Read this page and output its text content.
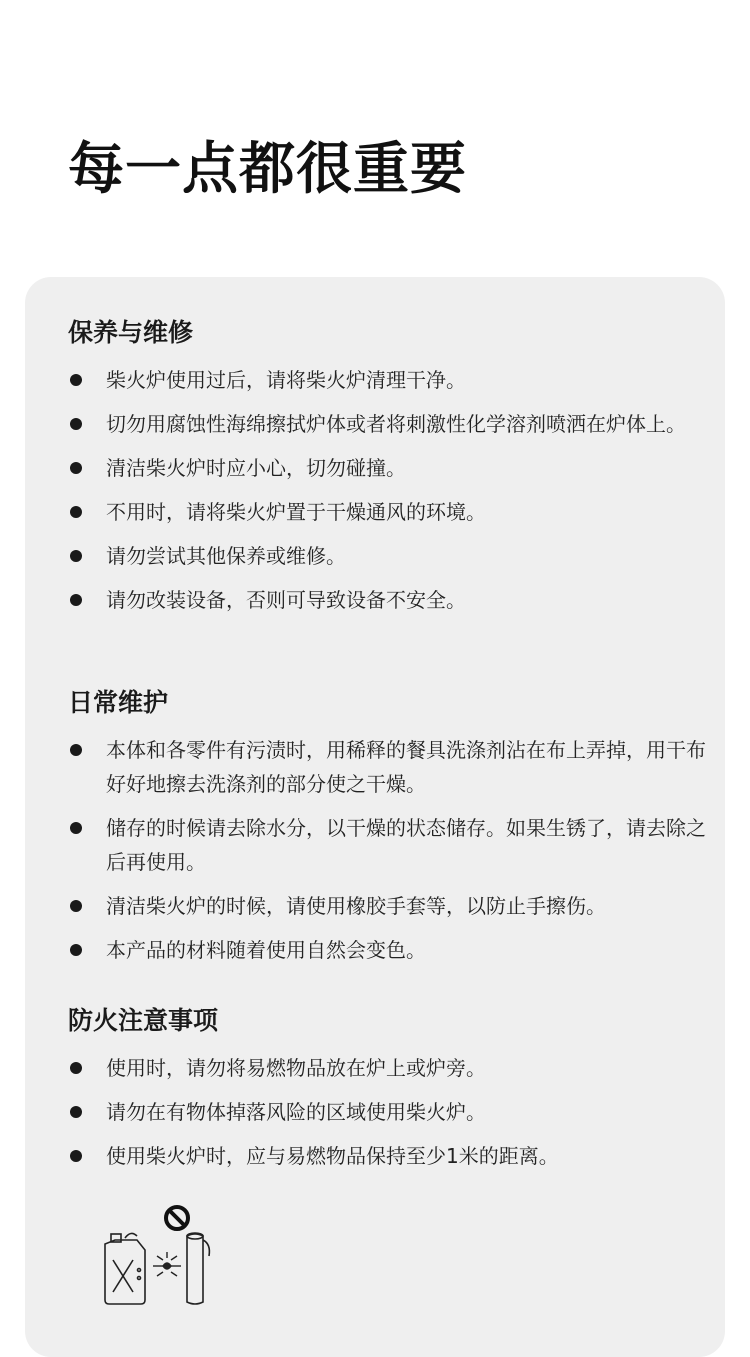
每一点都很重要
保养与维修
柴火炉使用过后，请将柴火炉清理干净。
切勿用腐蚀性海绵擦拭炉体或者将刺激性化学溶剂喷洒在炉体上。
清洁柴火炉时应小心，切勿碰撞。
不用时，请将柴火炉置于干燥通风的环境。
请勿尝试其他保养或维修。
请勿改装设备，否则可导致设备不安全。
日常维护
本体和各零件有污渍时，用稀释的餐具洗涤剂沾在布上弄掉，用干布好好地擦去洗涤剂的部分使之干燥。
储存的时候请去除水分，以干燥的状态储存。如果生锈了，请去除之后再使用。
清洁柴火炉的时候，请使用橡胶手套等，以防止手擦伤。
本产品的材料随着使用自然会变色。
防火注意事项
使用时，请勿将易燃物品放在炉上或炉旁。
请勿在有物体掉落风险的区域使用柴火炉。
使用柴火炉时，应与易燃物品保持至少1米的距离。
